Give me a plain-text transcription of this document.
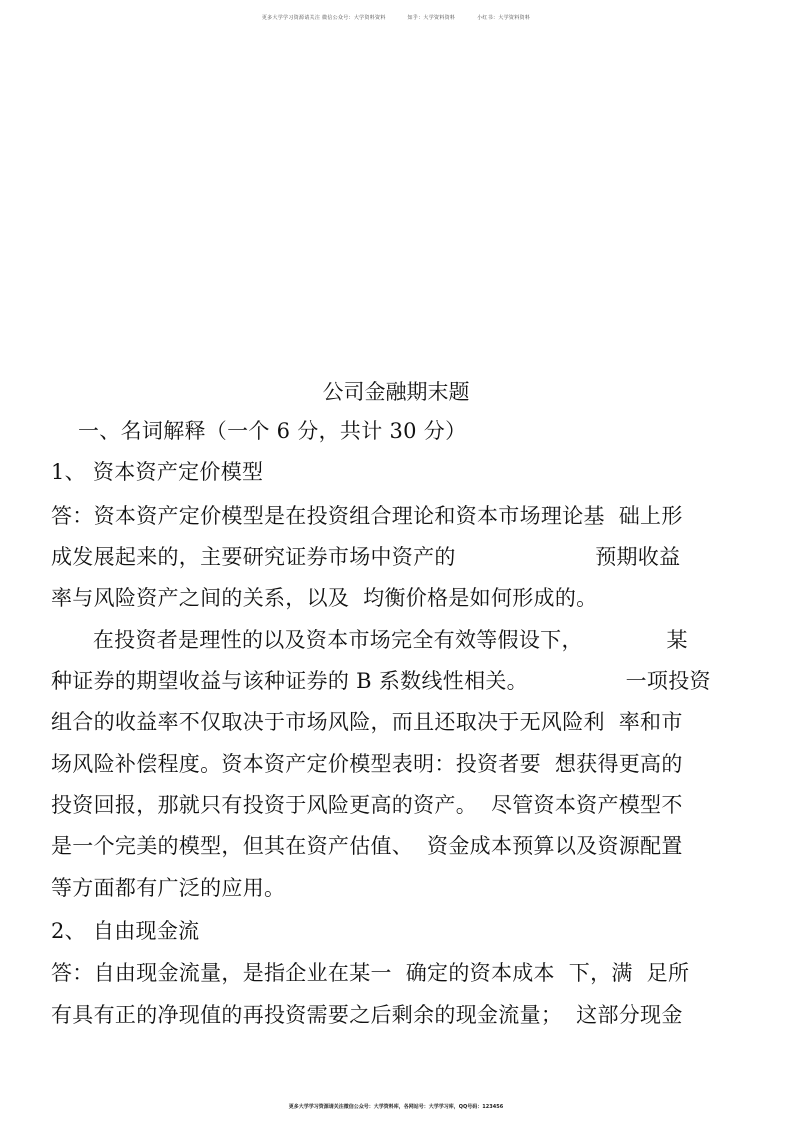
更多大学学习资源请关注 微信公众号：大学资料资料	知乎：大学资料资料	小红书：大学资料资料
公司金融期末题
一、名词解释（一个 6 分，共计 30 分）
1、 资本资产定价模型
答：资本资产定价模型是在投资组合理论和资本市场理论基  础上形
成发展起来的，主要研究证券市场中资产的                    预期收益
率与风险资产之间的关系，以及  均衡价格是如何形成的。
在投资者是理性的以及资本市场完全有效等假设下，            某
种证券的期望收益与该种证券的 B 系数线性相关。              一项投资
组合的收益率不仅取决于市场风险，而且还取决于无风险利  率和市
场风险补偿程度。资本资产定价模型表明：投资者要  想获得更高的
投资回报，那就只有投资于风险更高的资产。  尽管资本资产模型不
是一个完美的模型，但其在资产估值、  资金成本预算以及资源配置
等方面都有广泛的应用。
2、 自由现金流
答：自由现金流量，是指企业在某一  确定的资本成本  下，满  足所
有具有正的净现值的再投资需要之后剩余的现金流量；  这部分现金
更多大学学习资源请关注微信公众号：大学资料库，各网站号：大学学习库，QQ号码：123456
